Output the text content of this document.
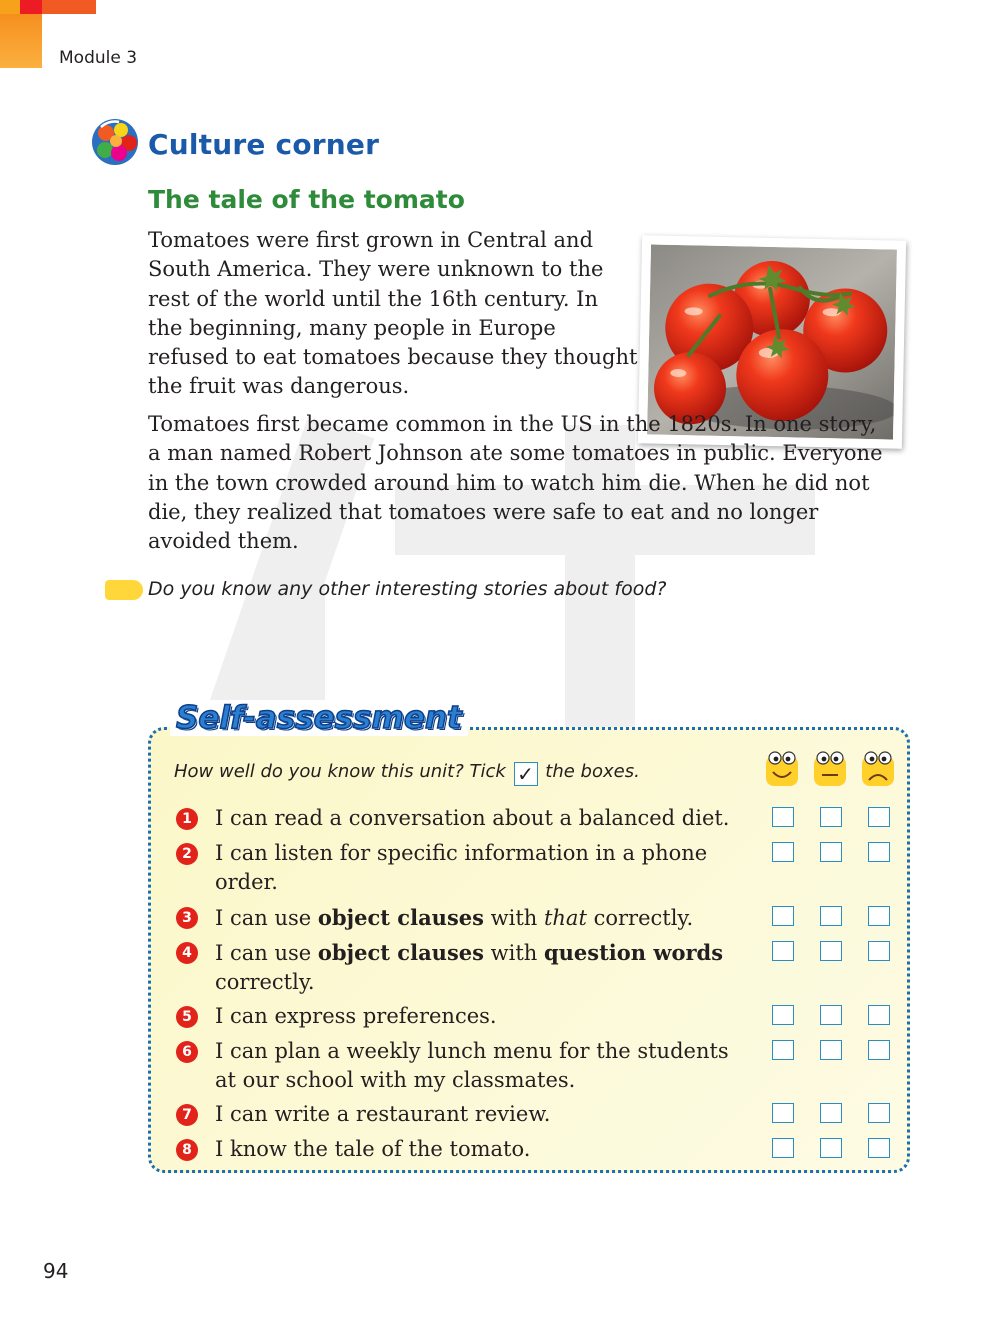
Module 3
Culture corner
The tale of the tomato

Tomatoes were first grown in Central and South America. They were unknown to the rest of the world until the 16th century. In the beginning, many people in Europe refused to eat tomatoes because they thought the fruit was dangerous.

Tomatoes first became common in the US in the 1820s. In one story, a man named Robert Johnson ate some tomatoes in public. Everyone in the town crowded around him to watch him die. When he did not die, they realized that tomatoes were safe to eat and no longer avoided them.

Do you know any other interesting stories about food?
Self-assessment
How well do you know this unit? Tick ✓ the boxes.
1 I can read a conversation about a balanced diet.

2 I can listen for specific information in a phone order.

3 I can use object clauses with that correctly.

4 I can use object clauses with question words correctly.

5 I can express preferences.

6 I can plan a weekly lunch menu for the students at our school with my classmates.

7 I can write a restaurant review.

8 I know the tale of the tomato.

94
